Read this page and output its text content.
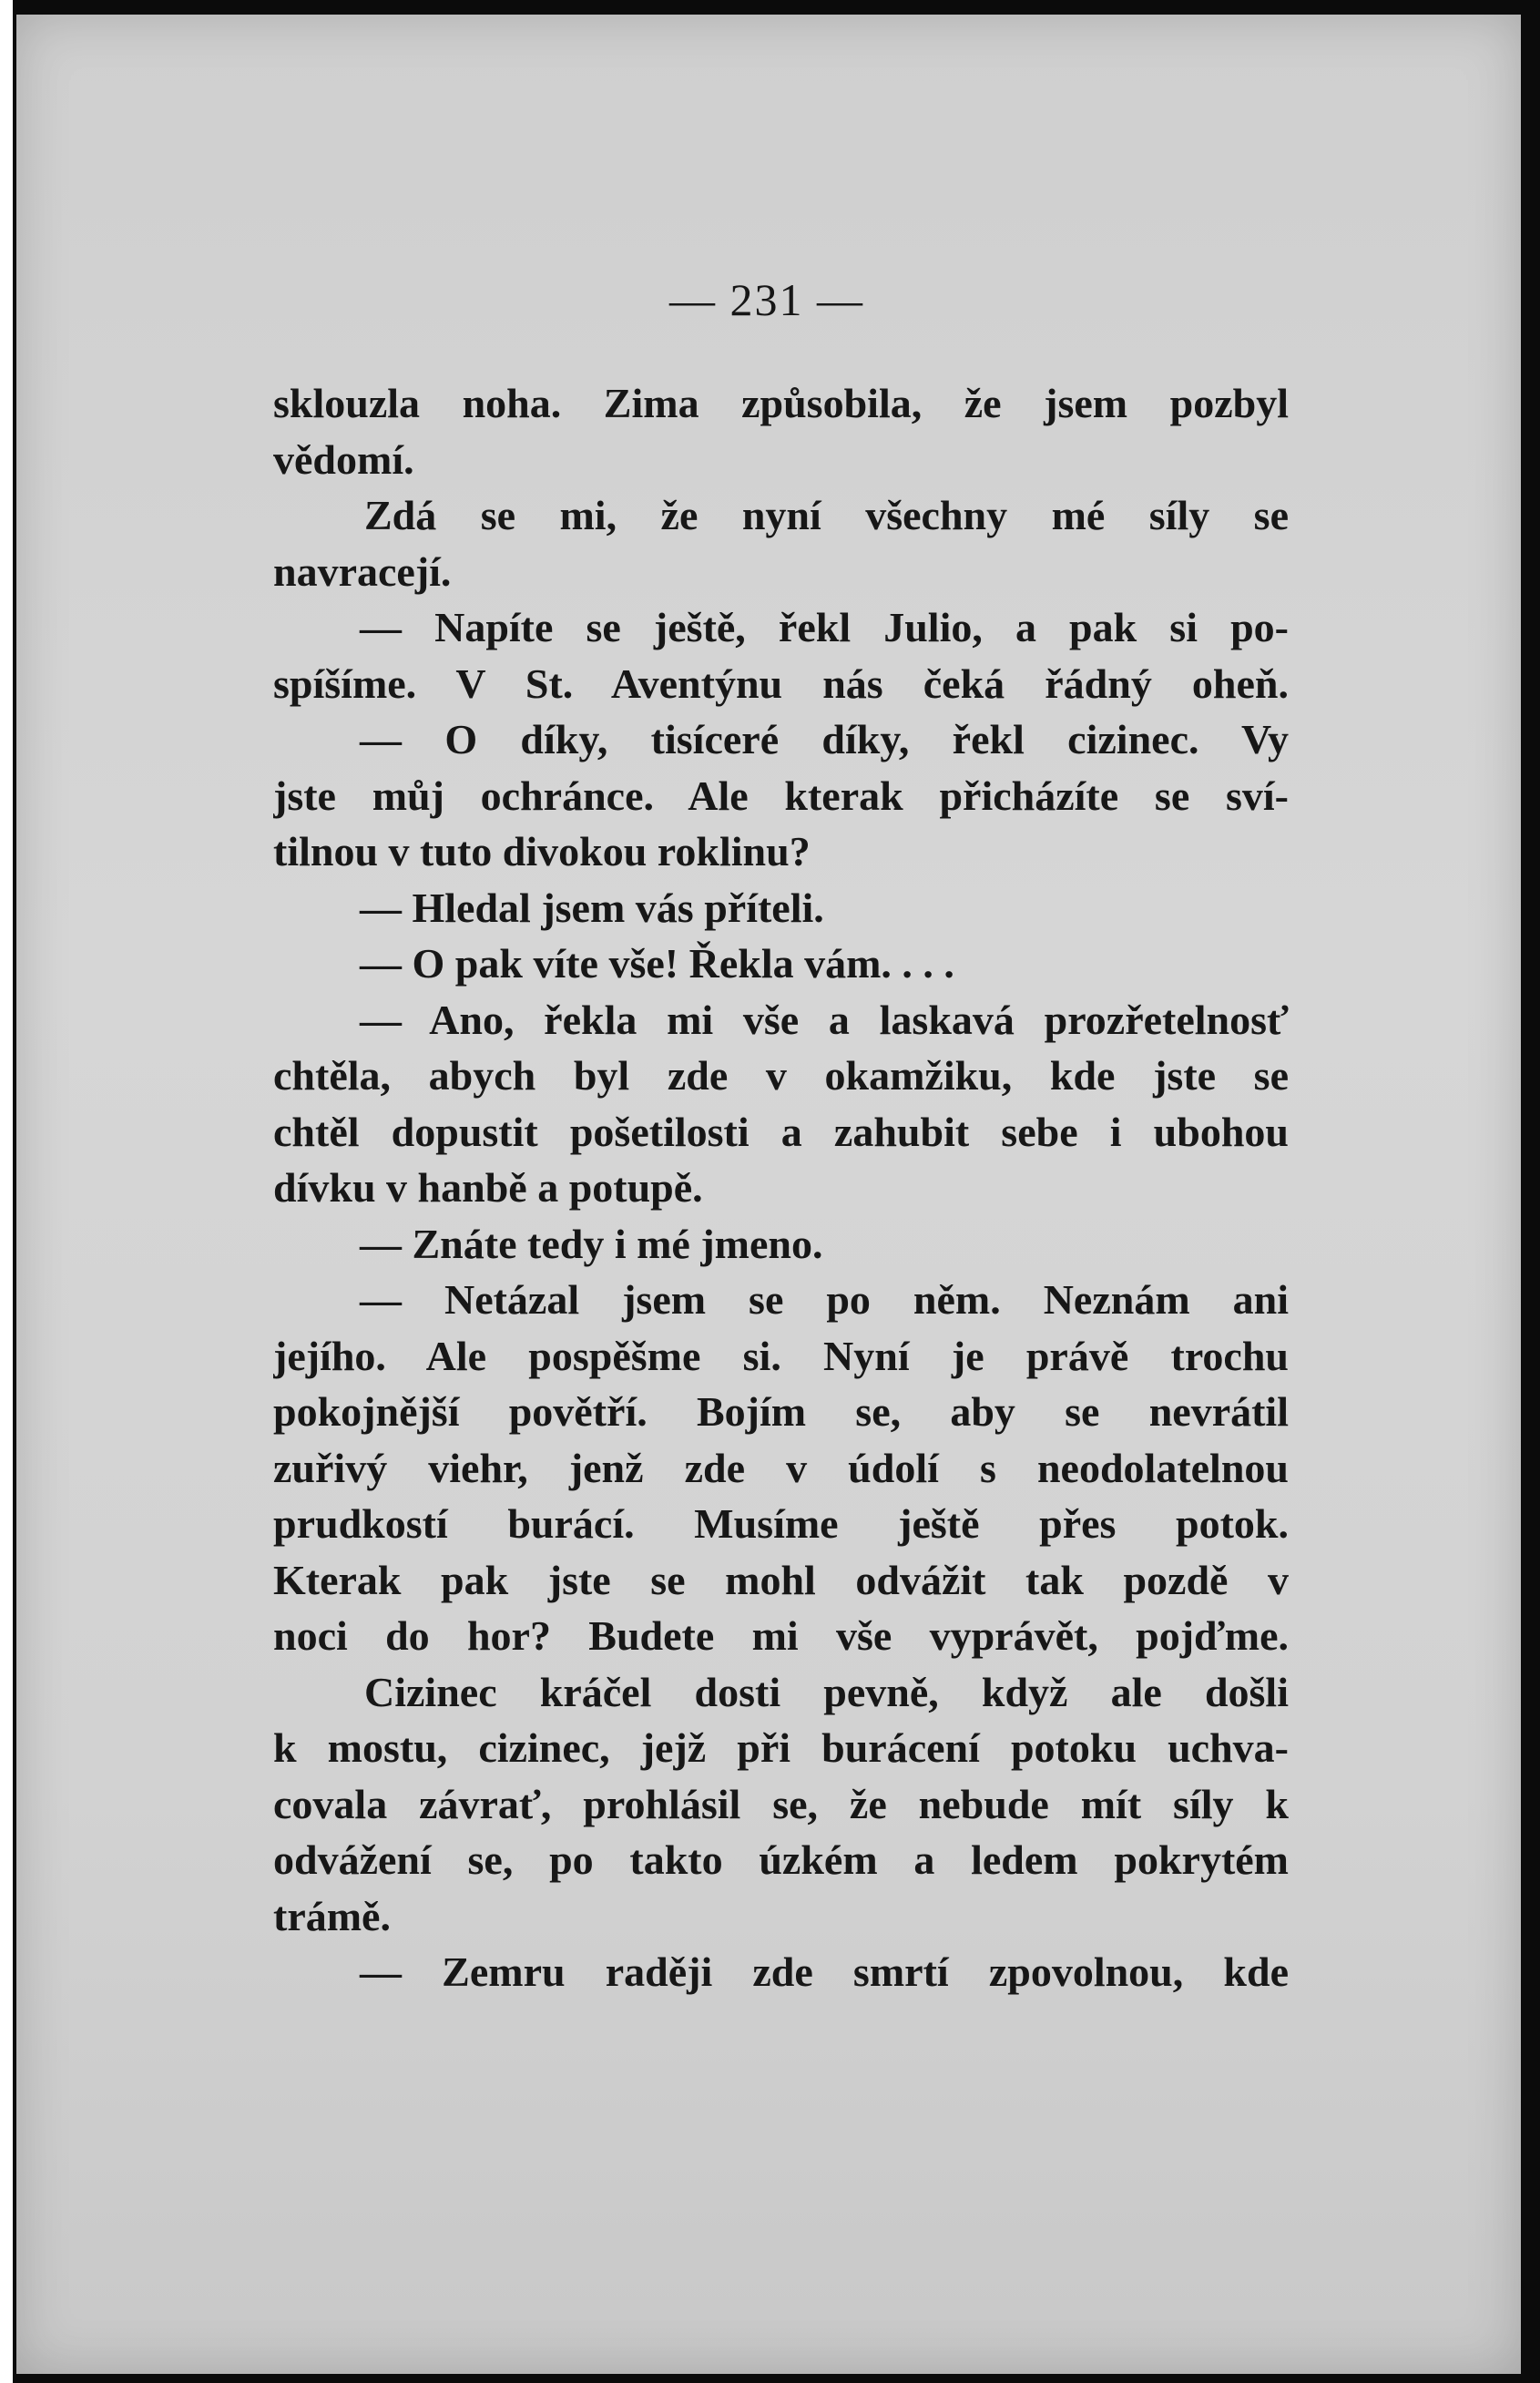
— 231 —
sklouzla noha. Zima způsobila, že jsem pozbyl
vědomí.
Zdá se mi, že nyní všechny mé síly se
navracejí.
— Napíte se ještě, řekl Julio, a pak si po-
spíšíme. V St. Aventýnu nás čeká řádný oheň.
— O díky, tisíceré díky, řekl cizinec. Vy
jste můj ochránce. Ale kterak přicházíte se sví-
tilnou v tuto divokou roklinu?
— Hledal jsem vás příteli.
— O pak víte vše! Řekla vám. . . .
— Ano, řekla mi vše a laskavá prozřetelnosť
chtěla, abych byl zde v okamžiku, kde jste se
chtěl dopustit pošetilosti a zahubit sebe i ubohou
dívku v hanbě a potupě.
— Znáte tedy i mé jmeno.
— Netázal jsem se po něm. Neznám ani
jejího. Ale pospěšme si. Nyní je právě trochu
pokojnější povětří. Bojím se, aby se nevrátil
zuřivý viehr, jenž zde v údolí s neodolatelnou
prudkostí burácí. Musíme ještě přes potok.
Kterak pak jste se mohl odvážit tak pozdě v
noci do hor? Budete mi vše vyprávět, pojďme.
Cizinec kráčel dosti pevně, když ale došli
k mostu, cizinec, jejž při burácení potoku uchva-
covala závrať, prohlásil se, že nebude mít síly k
odvážení se, po takto úzkém a ledem pokrytém
trámě.
— Zemru raději zde smrtí zpovolnou, kde
